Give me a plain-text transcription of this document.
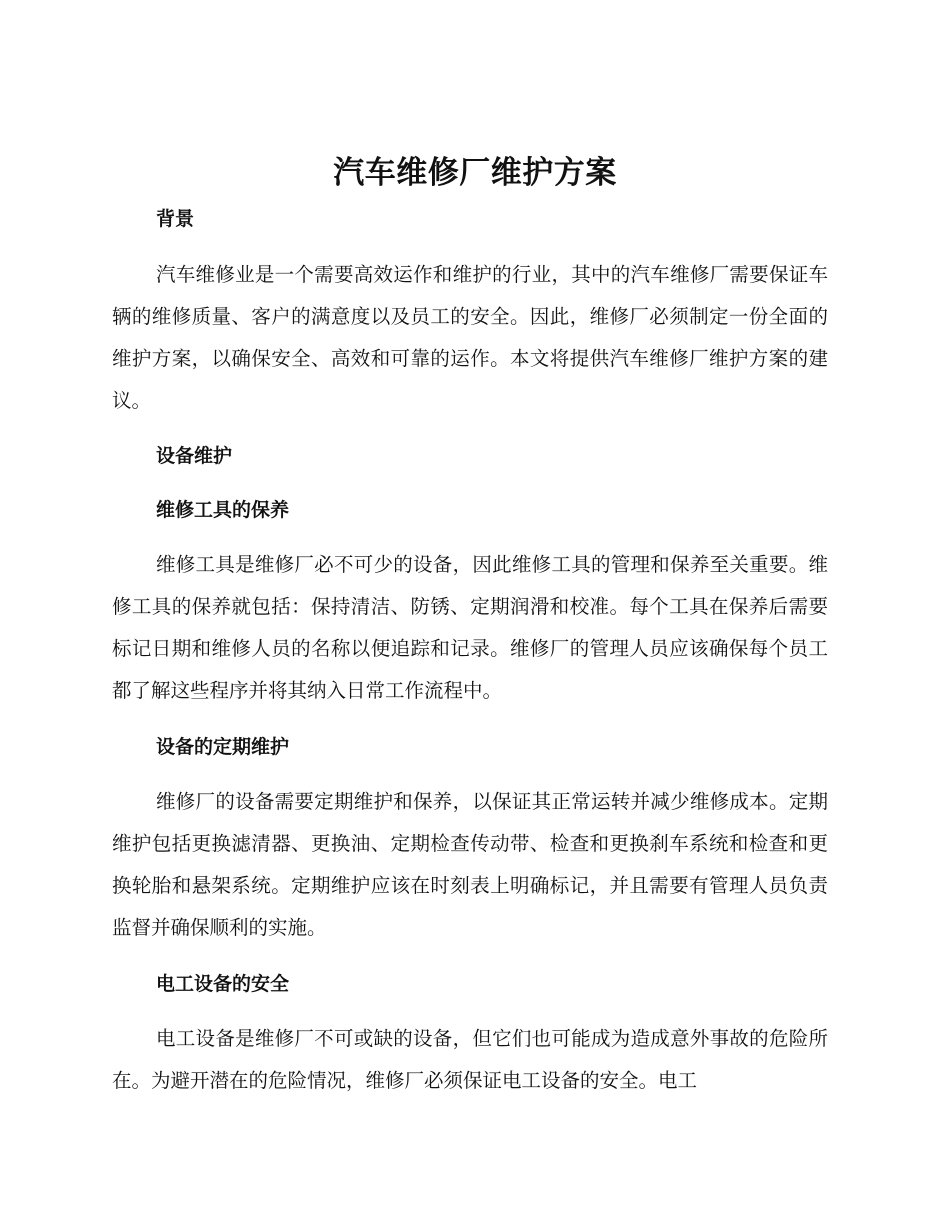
汽车维修厂维护方案
背景

汽车维修业是一个需要高效运作和维护的行业，其中的汽车维修厂需要保证车辆的维修质量、客户的满意度以及员工的安全。因此，维修厂必须制定一份全面的维护方案，以确保安全、高效和可靠的运作。本文将提供汽车维修厂维护方案的建议。

设备维护
维修工具的保养

维修工具是维修厂必不可少的设备，因此维修工具的管理和保养至关重要。维修工具的保养就包括：保持清洁、防锈、定期润滑和校准。每个工具在保养后需要标记日期和维修人员的名称以便追踪和记录。维修厂的管理人员应该确保每个员工都了解这些程序并将其纳入日常工作流程中。

设备的定期维护

维修厂的设备需要定期维护和保养，以保证其正常运转并减少维修成本。定期维护包括更换滤清器、更换油、定期检查传动带、检查和更换刹车系统和检查和更换轮胎和悬架系统。定期维护应该在时刻表上明确标记，并且需要有管理人员负责监督并确保顺利的实施。

电工设备的安全

电工设备是维修厂不可或缺的设备，但它们也可能成为造成意外事故的危险所在。为避开潜在的危险情况，维修厂必须保证电工设备的安全。电工
